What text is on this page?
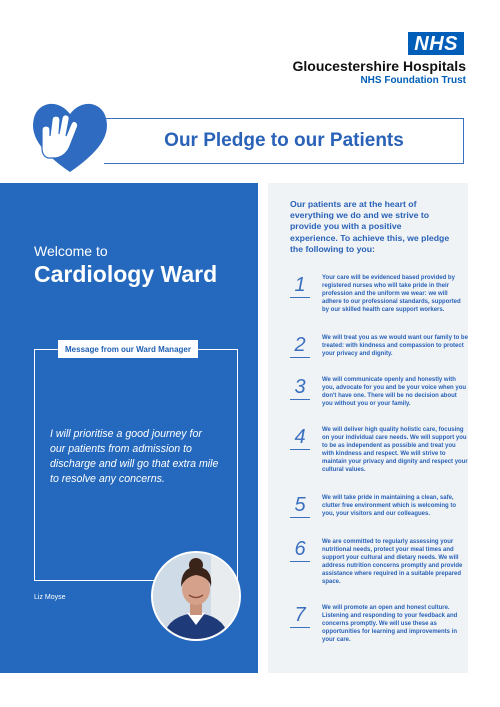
NHS
Gloucestershire Hospitals
NHS Foundation Trust
Our Pledge to our Patients
Welcome to
Cardiology Ward
Message from our Ward Manager
I will prioritise a good journey for our patients from admission to discharge and will go that extra mile to resolve any concerns.
Liz Moyse
Our patients are at the heart of everything we do and we strive to provide you with a positive experience. To achieve this, we pledge the following to you:
1	Your care will be evidenced based provided by registered nurses who will take pride in their profession and the uniform we wear: we will adhere to our professional standards, supported by our skilled health care support workers.
2	We will treat you as we would want our family to be treated: with kindness and compassion to protect your privacy and dignity.
3	We will communicate openly and honestly with you, advocate for you and be your voice when you don't have one. There will be no decision about you without you or your family.
4	We will deliver high quality holistic care, focusing on your individual care needs. We will support you to be as independent as possible and treat you with kindness and respect. We will strive to maintain your privacy and dignity and respect your cultural values.
5	We will take pride in maintaining a clean, safe, clutter free environment which is welcoming to you, your visitors and our colleagues.
6	We are committed to regularly assessing your nutritional needs, protect your meal times and support your cultural and dietary needs. We will address nutrition concerns promptly and provide assistance where required in a suitable prepared space.
7	We will promote an open and honest culture. Listening and responding to your feedback and concerns promptly. We will use these as opportunities for learning and improvements in your care.
